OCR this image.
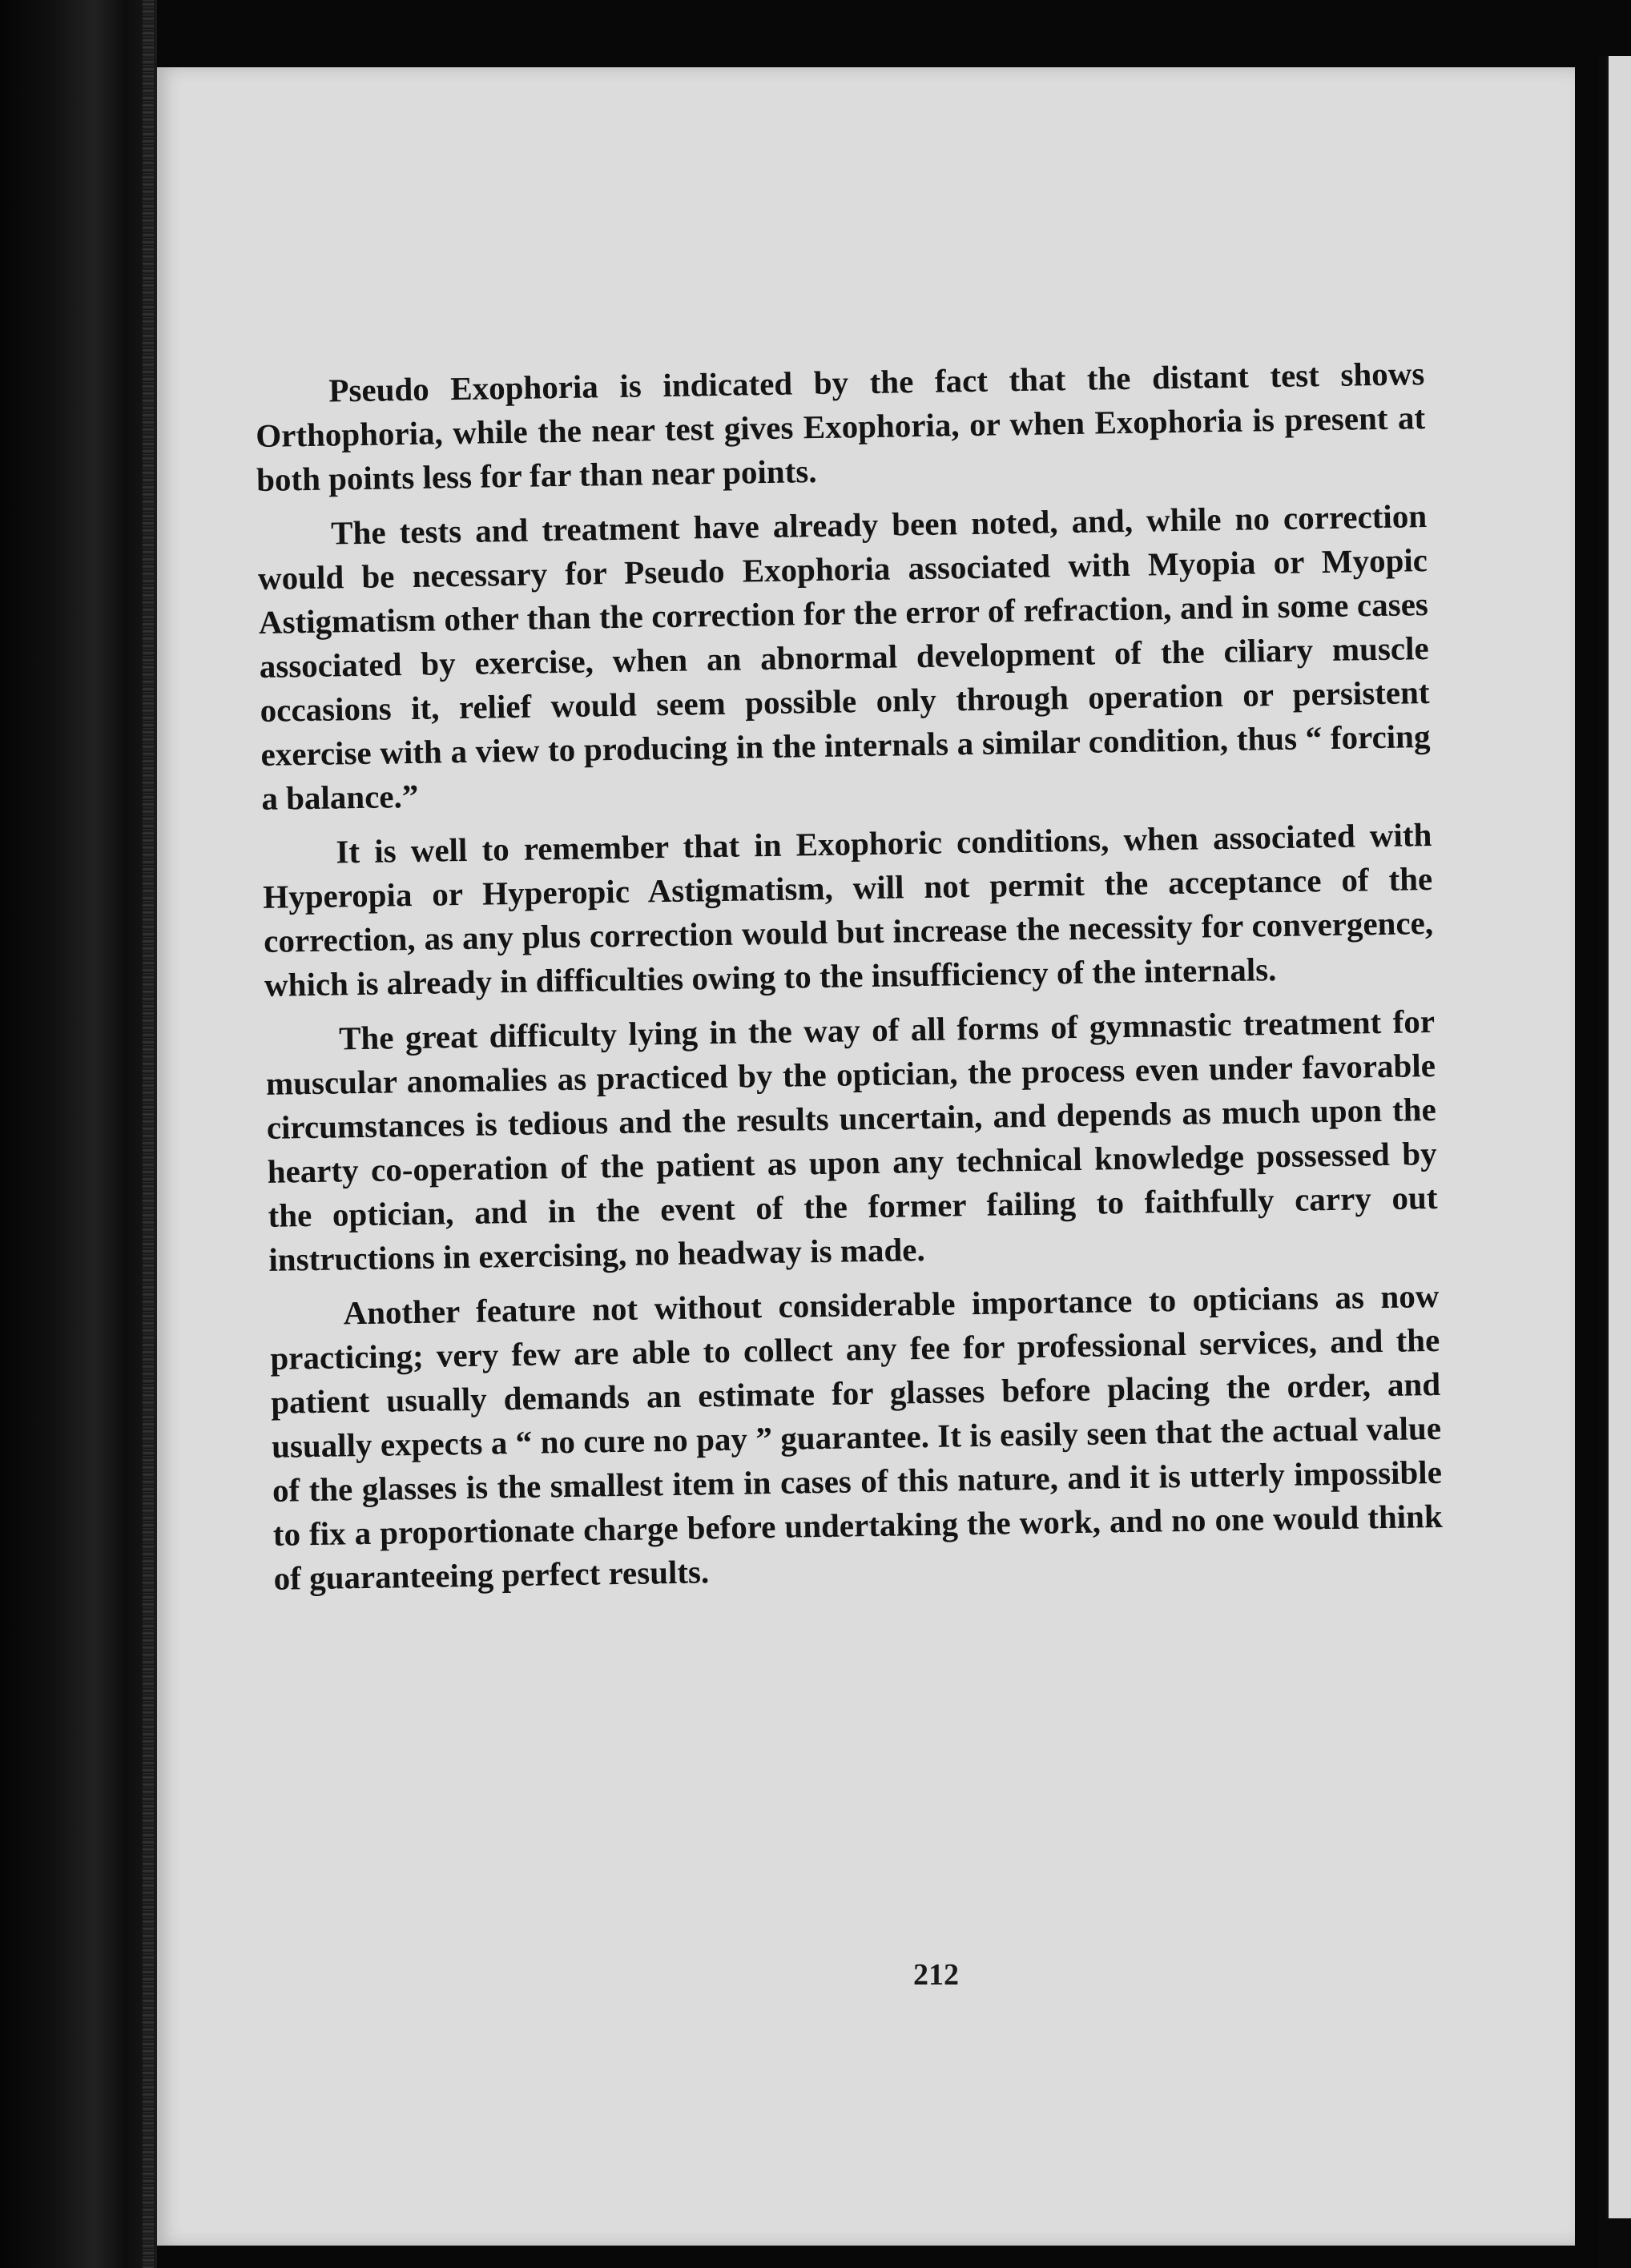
Pseudo Exophoria is indicated by the fact that the distant test shows Orthophoria, while the near test gives Exophoria, or when Exophoria is present at both points less for far than near points.

The tests and treatment have already been noted, and, while no correction would be necessary for Pseudo Exophoria associated with Myopia or Myopic Astigmatism other than the correction for the error of refraction, and in some cases associated by exercise, when an abnormal development of the ciliary muscle occasions it, relief would seem possible only through operation or persistent exercise with a view to producing in the internals a similar condition, thus “ forcing a balance.”

It is well to remember that in Exophoric conditions, when associated with Hyperopia or Hyperopic Astigmatism, will not permit the acceptance of the correction, as any plus correction would but increase the necessity for convergence, which is already in difficulties owing to the insufficiency of the internals.

The great difficulty lying in the way of all forms of gymnastic treatment for muscular anomalies as practiced by the optician, the process even under favorable circumstances is tedious and the results uncertain, and depends as much upon the hearty co-operation of the patient as upon any technical knowledge possessed by the optician, and in the event of the former failing to faithfully carry out instructions in exercising, no headway is made.

Another feature not without considerable importance to opticians as now practicing; very few are able to collect any fee for professional services, and the patient usually demands an estimate for glasses before placing the order, and usually expects a “ no cure no pay ” guarantee. It is easily seen that the actual value of the glasses is the smallest item in cases of this nature, and it is utterly impossible to fix a proportionate charge before undertaking the work, and no one would think of guaranteeing perfect results.

212
